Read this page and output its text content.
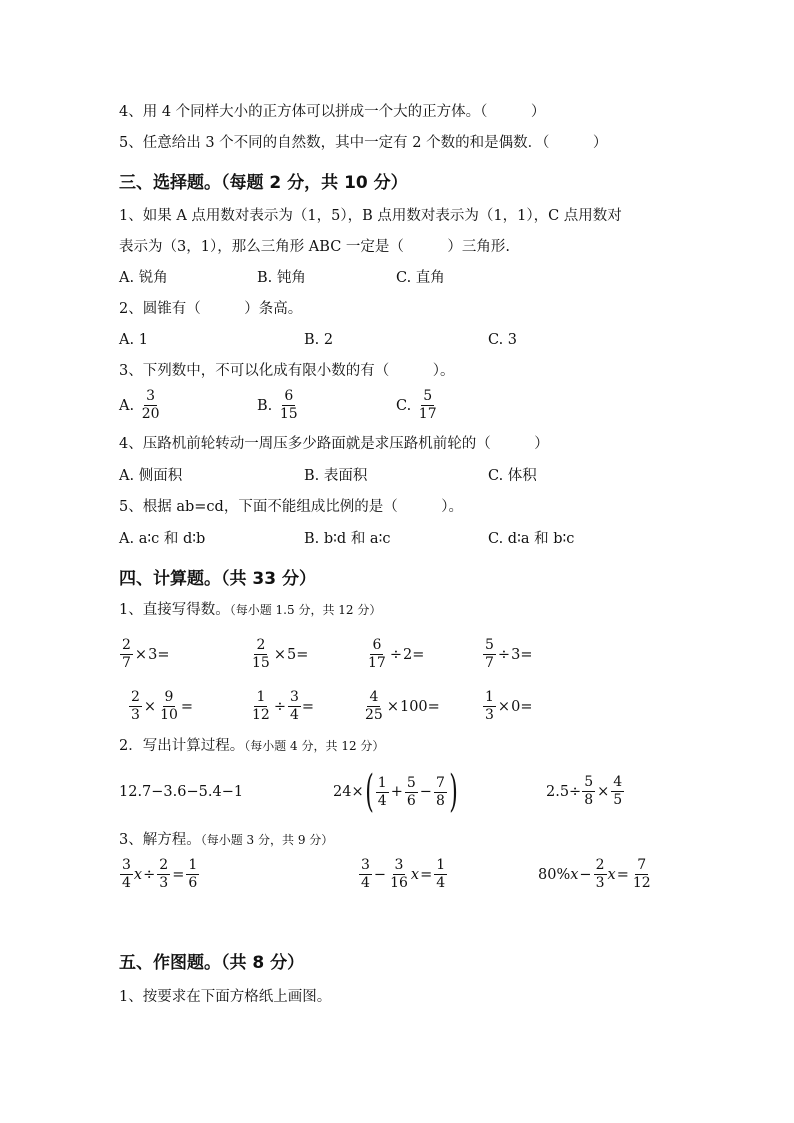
4、用 4 个同样大小的正方体可以拼成一个大的正方体。（　　　）
5、任意给出 3 个不同的自然数，其中一定有 2 个数的和是偶数．（　　　）
三、选择题。（每题 2 分，共 10 分）
1、如果 A 点用数对表示为（1，5），B 点用数对表示为（1，1），C 点用数对
表示为（3，1），那么三角形 ABC 一定是（　　　）三角形.
A. 锐角	B. 钝角	C. 直角
2、圆锥有（　　　）条高。
A. 1	B. 2	C. 3
3、下列数中，不可以化成有限小数的有（　　　）。
A.
$\frac{3}{20}$	B.
$\frac{6}{15}$	C.
$\frac{5}{17}$
4、压路机前轮转动一周压多少路面就是求压路机前轮的（　　　）
A. 侧面积	B. 表面积	C. 体积
5、根据 ab=cd，下面不能组成比例的是（　　　）。
A. a∶c 和 d∶b	B. b∶d 和 a∶c	C. d∶a 和 b∶c
四、计算题。（共 33 分）
1、直接写得数。（每小题 1.5 分，共 12 分）
$\frac{2}{7} \times 3$ =	$\frac{2}{15} \times 5$ =	$\frac{6}{17} \div 2$ =	$\frac{5}{7} \div 3$ =
$\frac{2}{3} \times \frac{9}{10}$ =	$\frac{1}{12} \div \frac{3}{4}$ =	$\frac{4}{25} \times 100$ =	$\frac{1}{3} \times 0$ =
2．写出计算过程。（每小题 4 分，共 12 分）
12.7−3.6−5.4−1	24× ( $\frac{1}{4} + \frac{5}{6} - \frac{7}{8}$ )	$2.5\div \frac{5}{8} \times \frac{4}{5}$
3、解方程。（每小题 3 分，共 9 分）
$\frac{3}{4}$ $x \div \frac{2}{3} = \frac{1}{6}$	$\frac{3}{4} - \frac{3}{16}$ $x = \frac{1}{4}$	80% $x - \frac{2}{3}$ $x = \frac{7}{12}$
五、作图题。（共 8 分）
1、按要求在下面方格纸上画图。
